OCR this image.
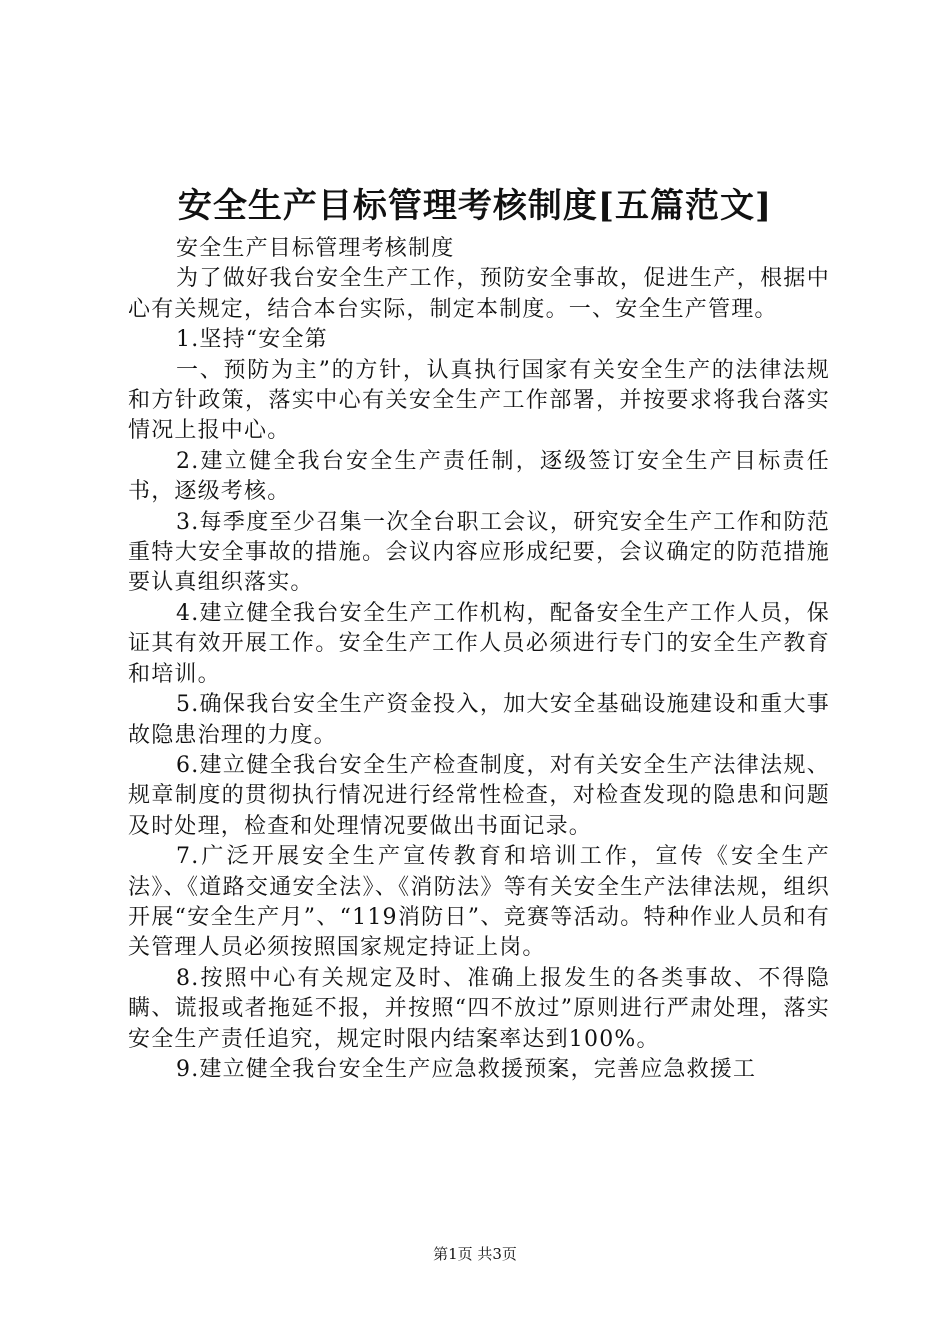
安全生产目标管理考核制度[五篇范文]

安全生产目标管理考核制度

为了做好我台安全生产工作，预防安全事故，促进生产，根据中心有关规定，结合本台实际，制定本制度。一、安全生产管理。

1.坚持“安全第

一、预防为主”的方针，认真执行国家有关安全生产的法律法规和方针政策，落实中心有关安全生产工作部署，并按要求将我台落实情况上报中心。

2.建立健全我台安全生产责任制，逐级签订安全生产目标责任书，逐级考核。

3.每季度至少召集一次全台职工会议，研究安全生产工作和防范重特大安全事故的措施。会议内容应形成纪要，会议确定的防范措施要认真组织落实。

4.建立健全我台安全生产工作机构，配备安全生产工作人员，保证其有效开展工作。安全生产工作人员必须进行专门的安全生产教育和培训。

5.确保我台安全生产资金投入，加大安全基础设施建设和重大事故隐患治理的力度。

6.建立健全我台安全生产检查制度，对有关安全生产法律法规、规章制度的贯彻执行情况进行经常性检查，对检查发现的隐患和问题及时处理，检查和处理情况要做出书面记录。

7.广泛开展安全生产宣传教育和培训工作，宣传《安全生产法》、《道路交通安全法》、《消防法》等有关安全生产法律法规，组织开展“安全生产月”、“119消防日”、竞赛等活动。特种作业人员和有关管理人员必须按照国家规定持证上岗。

8.按照中心有关规定及时、准确上报发生的各类事故、不得隐瞒、谎报或者拖延不报，并按照“四不放过”原则进行严肃处理，落实安全生产责任追究，规定时限内结案率达到100%。

9.建立健全我台安全生产应急救援预案，完善应急救援工

第1页 共3页
